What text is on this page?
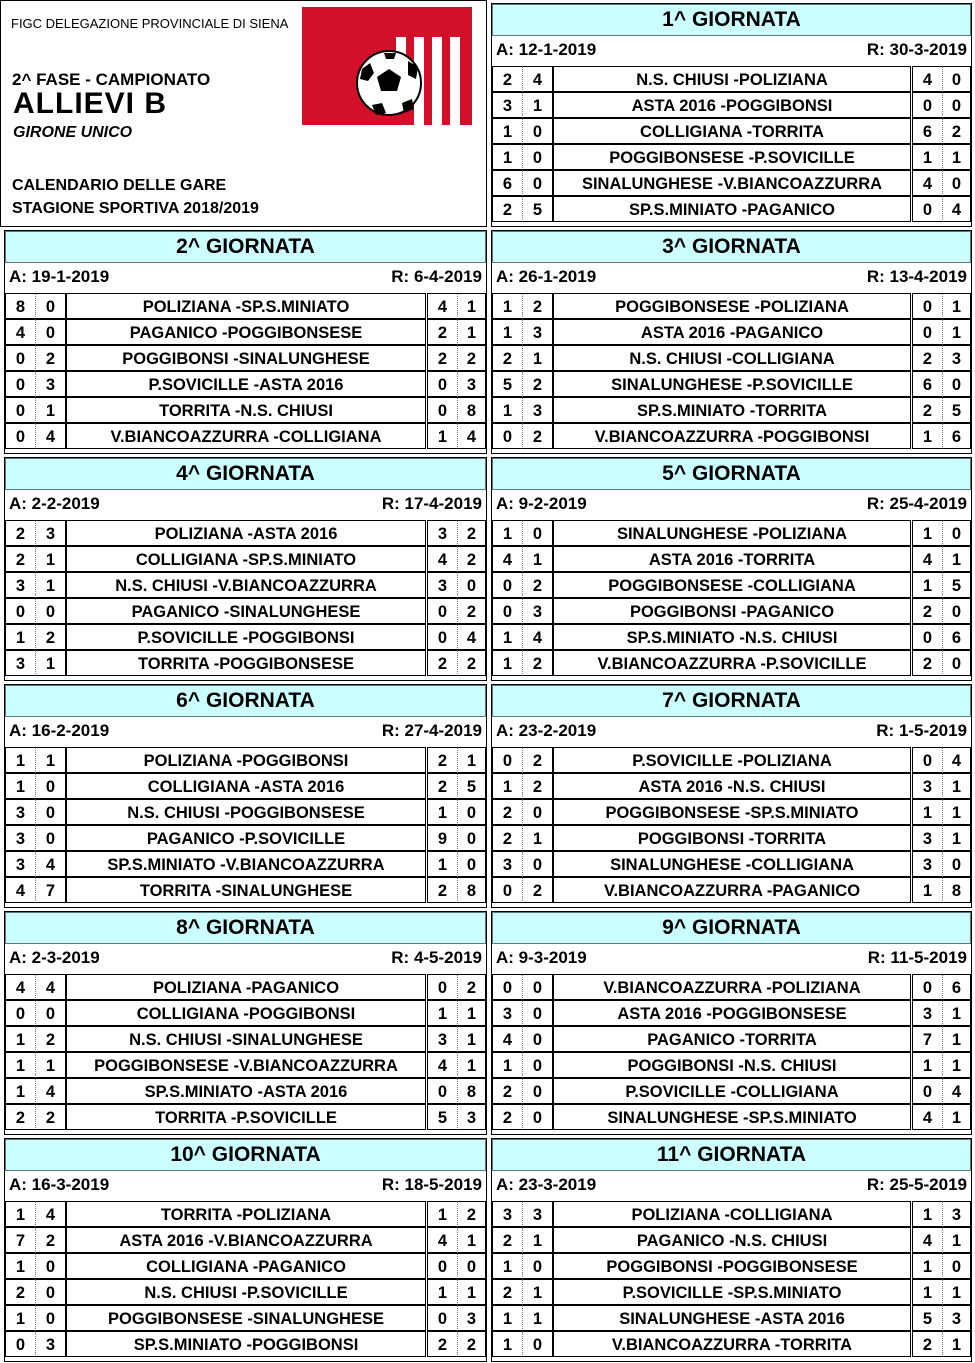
FIGC DELEGAZIONE PROVINCIALE DI SIENA
2^ FASE - CAMPIONATO
ALLIEVI B
GIRONE UNICO
CALENDARIO DELLE GARE
STAGIONE SPORTIVA 2018/2019
1^ GIORNATA
A: 12-1-2019	R: 30-3-2019
2	4	N.S. CHIUSI -POLIZIANA	4	0
3	1	ASTA 2016 -POGGIBONSI	0	0
1	0	COLLIGIANA -TORRITA	6	2
1	0	POGGIBONSESE -P.SOVICILLE	1	1
6	0	SINALUNGHESE -V.BIANCOAZZURRA	4	0
2	5	SP.S.MINIATO -PAGANICO	0	4
2^ GIORNATA
A: 19-1-2019	R: 6-4-2019
8	0	POLIZIANA -SP.S.MINIATO	4	1
4	0	PAGANICO -POGGIBONSESE	2	1
0	2	POGGIBONSI -SINALUNGHESE	2	2
0	3	P.SOVICILLE -ASTA 2016	0	3
0	1	TORRITA -N.S. CHIUSI	0	8
0	4	V.BIANCOAZZURRA -COLLIGIANA	1	4
3^ GIORNATA
A: 26-1-2019	R: 13-4-2019
1	2	POGGIBONSESE -POLIZIANA	0	1
1	3	ASTA 2016 -PAGANICO	0	1
2	1	N.S. CHIUSI -COLLIGIANA	2	3
5	2	SINALUNGHESE -P.SOVICILLE	6	0
1	3	SP.S.MINIATO -TORRITA	2	5
0	2	V.BIANCOAZZURRA -POGGIBONSI	1	6
4^ GIORNATA
A: 2-2-2019	R: 17-4-2019
2	3	POLIZIANA -ASTA 2016	3	2
2	1	COLLIGIANA -SP.S.MINIATO	4	2
3	1	N.S. CHIUSI -V.BIANCOAZZURRA	3	0
0	0	PAGANICO -SINALUNGHESE	0	2
1	2	P.SOVICILLE -POGGIBONSI	0	4
3	1	TORRITA -POGGIBONSESE	2	2
5^ GIORNATA
A: 9-2-2019	R: 25-4-2019
1	0	SINALUNGHESE -POLIZIANA	1	0
4	1	ASTA 2016 -TORRITA	4	1
0	2	POGGIBONSESE -COLLIGIANA	1	5
0	3	POGGIBONSI -PAGANICO	2	0
1	4	SP.S.MINIATO -N.S. CHIUSI	0	6
1	2	V.BIANCOAZZURRA -P.SOVICILLE	2	0
6^ GIORNATA
A: 16-2-2019	R: 27-4-2019
1	1	POLIZIANA -POGGIBONSI	2	1
1	0	COLLIGIANA -ASTA 2016	2	5
3	0	N.S. CHIUSI -POGGIBONSESE	1	0
3	0	PAGANICO -P.SOVICILLE	9	0
3	4	SP.S.MINIATO -V.BIANCOAZZURRA	1	0
4	7	TORRITA -SINALUNGHESE	2	8
7^ GIORNATA
A: 23-2-2019	R: 1-5-2019
0	2	P.SOVICILLE -POLIZIANA	0	4
1	2	ASTA 2016 -N.S. CHIUSI	3	1
2	0	POGGIBONSESE -SP.S.MINIATO	1	1
2	1	POGGIBONSI -TORRITA	3	1
3	0	SINALUNGHESE -COLLIGIANA	3	0
0	2	V.BIANCOAZZURRA -PAGANICO	1	8
8^ GIORNATA
A: 2-3-2019	R: 4-5-2019
4	4	POLIZIANA -PAGANICO	0	2
0	0	COLLIGIANA -POGGIBONSI	1	1
1	2	N.S. CHIUSI -SINALUNGHESE	3	1
1	1	POGGIBONSESE -V.BIANCOAZZURRA	4	1
1	4	SP.S.MINIATO -ASTA 2016	0	8
2	2	TORRITA -P.SOVICILLE	5	3
9^ GIORNATA
A: 9-3-2019	R: 11-5-2019
0	0	V.BIANCOAZZURRA -POLIZIANA	0	6
3	0	ASTA 2016 -POGGIBONSESE	3	1
4	0	PAGANICO -TORRITA	7	1
1	0	POGGIBONSI -N.S. CHIUSI	1	1
2	0	P.SOVICILLE -COLLIGIANA	0	4
2	0	SINALUNGHESE -SP.S.MINIATO	4	1
10^ GIORNATA
A: 16-3-2019	R: 18-5-2019
1	4	TORRITA -POLIZIANA	1	2
7	2	ASTA 2016 -V.BIANCOAZZURRA	4	1
1	0	COLLIGIANA -PAGANICO	0	0
2	0	N.S. CHIUSI -P.SOVICILLE	1	1
1	0	POGGIBONSESE -SINALUNGHESE	0	3
0	3	SP.S.MINIATO -POGGIBONSI	2	2
11^ GIORNATA
A: 23-3-2019	R: 25-5-2019
3	3	POLIZIANA -COLLIGIANA	1	3
2	1	PAGANICO -N.S. CHIUSI	4	1
1	0	POGGIBONSI -POGGIBONSESE	1	0
2	1	P.SOVICILLE -SP.S.MINIATO	1	1
1	1	SINALUNGHESE -ASTA 2016	5	3
1	0	V.BIANCOAZZURRA -TORRITA	2	1
